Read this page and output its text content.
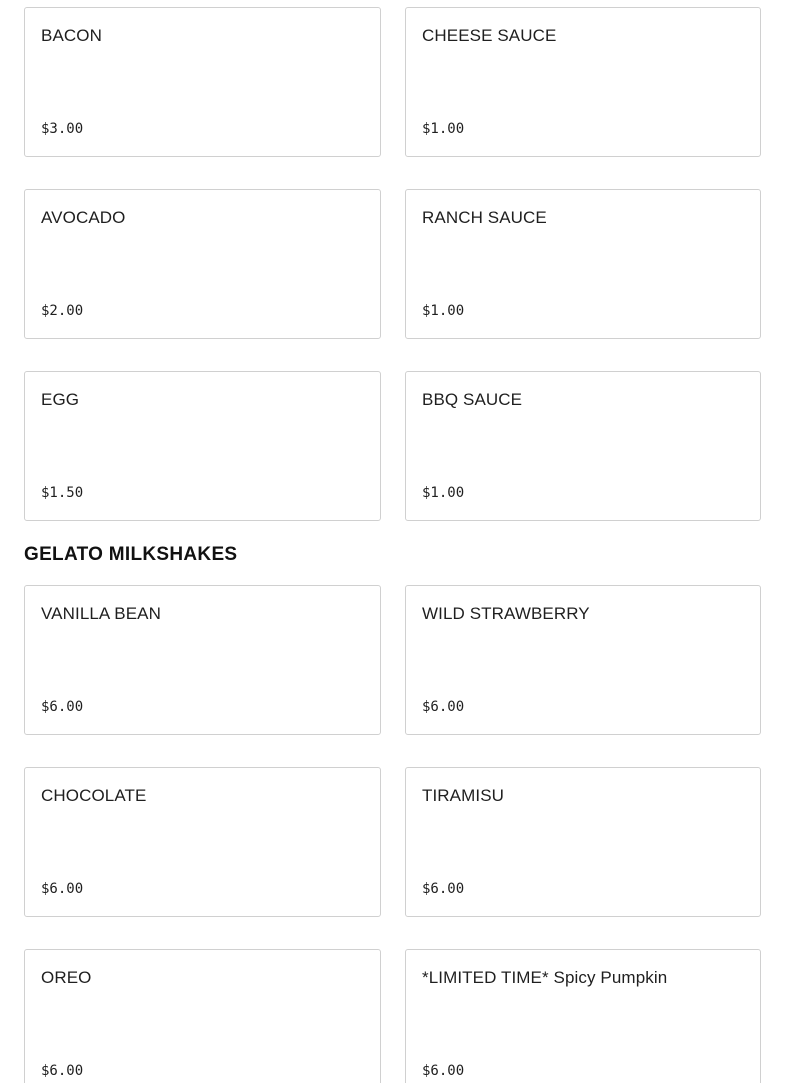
BACON
$3.00
CHEESE SAUCE
$1.00
AVOCADO
$2.00
RANCH SAUCE
$1.00
EGG
$1.50
BBQ SAUCE
$1.00
GELATO MILKSHAKES
VANILLA BEAN
$6.00
WILD STRAWBERRY
$6.00
CHOCOLATE
$6.00
TIRAMISU
$6.00
OREO
$6.00
*LIMITED TIME* Spicy Pumpkin
$6.00
